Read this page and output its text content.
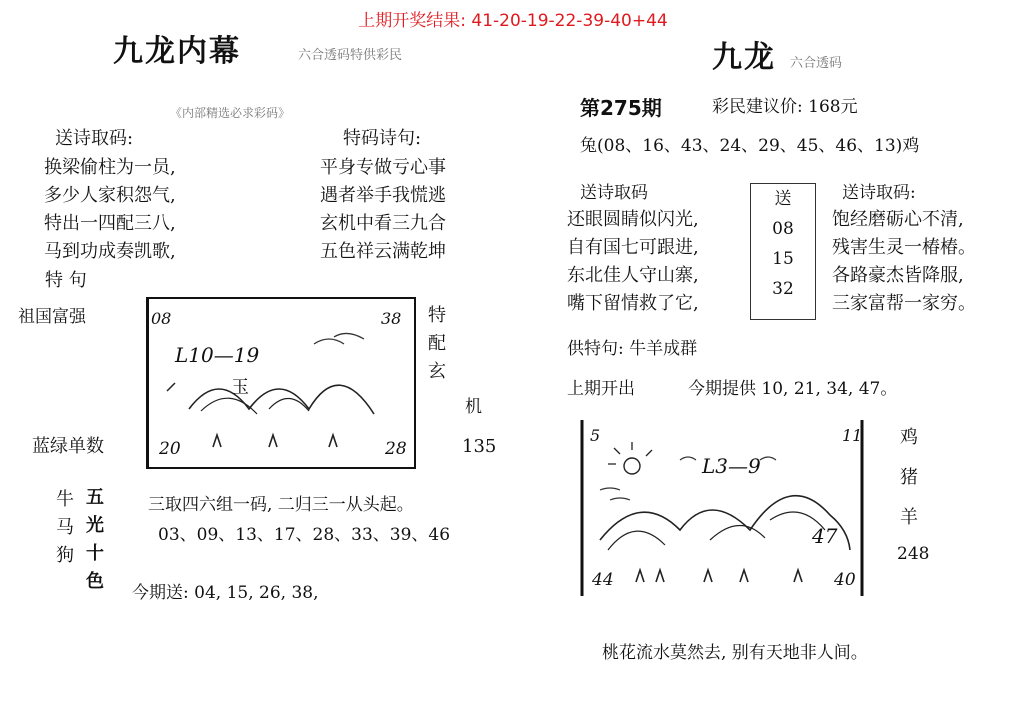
上期开奖结果: 41-20-19-22-39-40+44
九龙内幕	六合透码特供彩民
《内部精选必求彩码》
送诗取码:
换梁偷柱为一员,
多少人家积怨气,
特出一四配三八,
马到功成奏凯歌,
特 句
特码诗句:
平身专做亏心事
遇者举手我慌逃
玄机中看三九合
五色祥云满乾坤
祖国富强	08	38
L10—19
玉
20	28
特
配
玄
机
蓝绿单数	135
牛
马
狗
五
光
十
色
三取四六组一码, 二归三一从头起。
03、09、13、17、28、33、39、46
今期送: 04, 15, 26, 38,
九龙 六合透码
第275期	彩民建议价: 168元
兔(08、16、43、24、29、45、46、13)鸡
送诗取码
还眼圆睛似闪光,
自有国七可跟进,
东北佳人守山寨,
嘴下留情救了它,
送
08
15
32
送诗取码:
饱经磨砺心不清,
残害生灵一椿椿。
各路豪杰皆降服,
三家富帮一家穷。
供特句: 牛羊成群
上期开出	今期提供 10, 21, 34, 47。
5	11
L3—9
47
44	40
鸡
猪
羊
248
桃花流水莫然去, 别有天地非人间。
